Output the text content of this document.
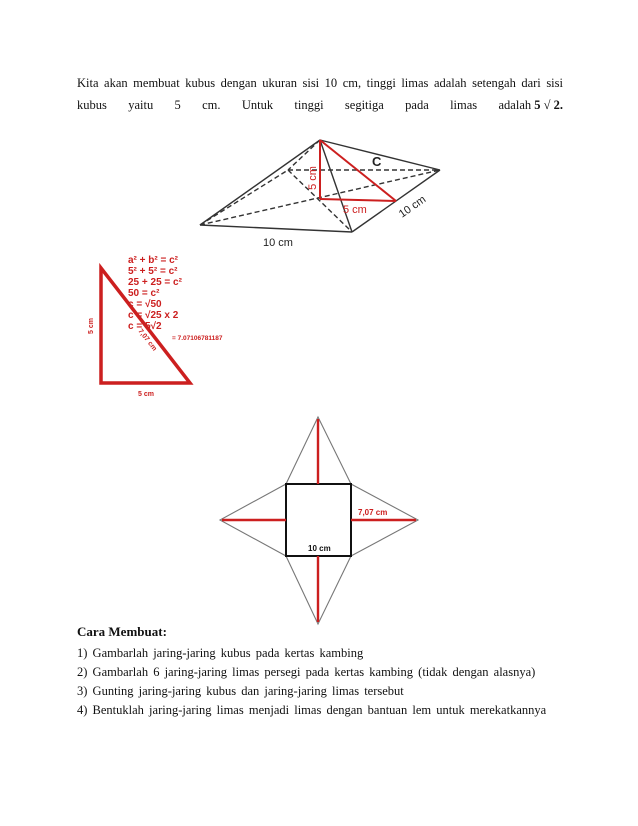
Kita akan membuat kubus dengan ukuran sisi 10 cm, tinggi limas adalah setengah dari sisi
kubus yaitu 5 cm. Untuk tinggi segitiga pada limas adalah 5 √ 2.
5 cm
C
5 cm	10 cm
10 cm
5 cm
5 cm
7,07 cm
a² + b² = c²
5² + 5² = c²
25 + 25 = c²
50 = c²
c = √50
c = √25 x 2
c = 5√2
= 7.07106781187
7,07 cm
10 cm
Cara Membuat:
1) Gambarlah jaring-jaring kubus pada kertas kambing
2) Gambarlah 6 jaring-jaring limas persegi pada kertas kambing (tidak dengan alasnya)
3) Gunting jaring-jaring kubus dan jaring-jaring limas tersebut
4) Bentuklah jaring-jaring limas menjadi limas dengan bantuan lem untuk merekatkannya
